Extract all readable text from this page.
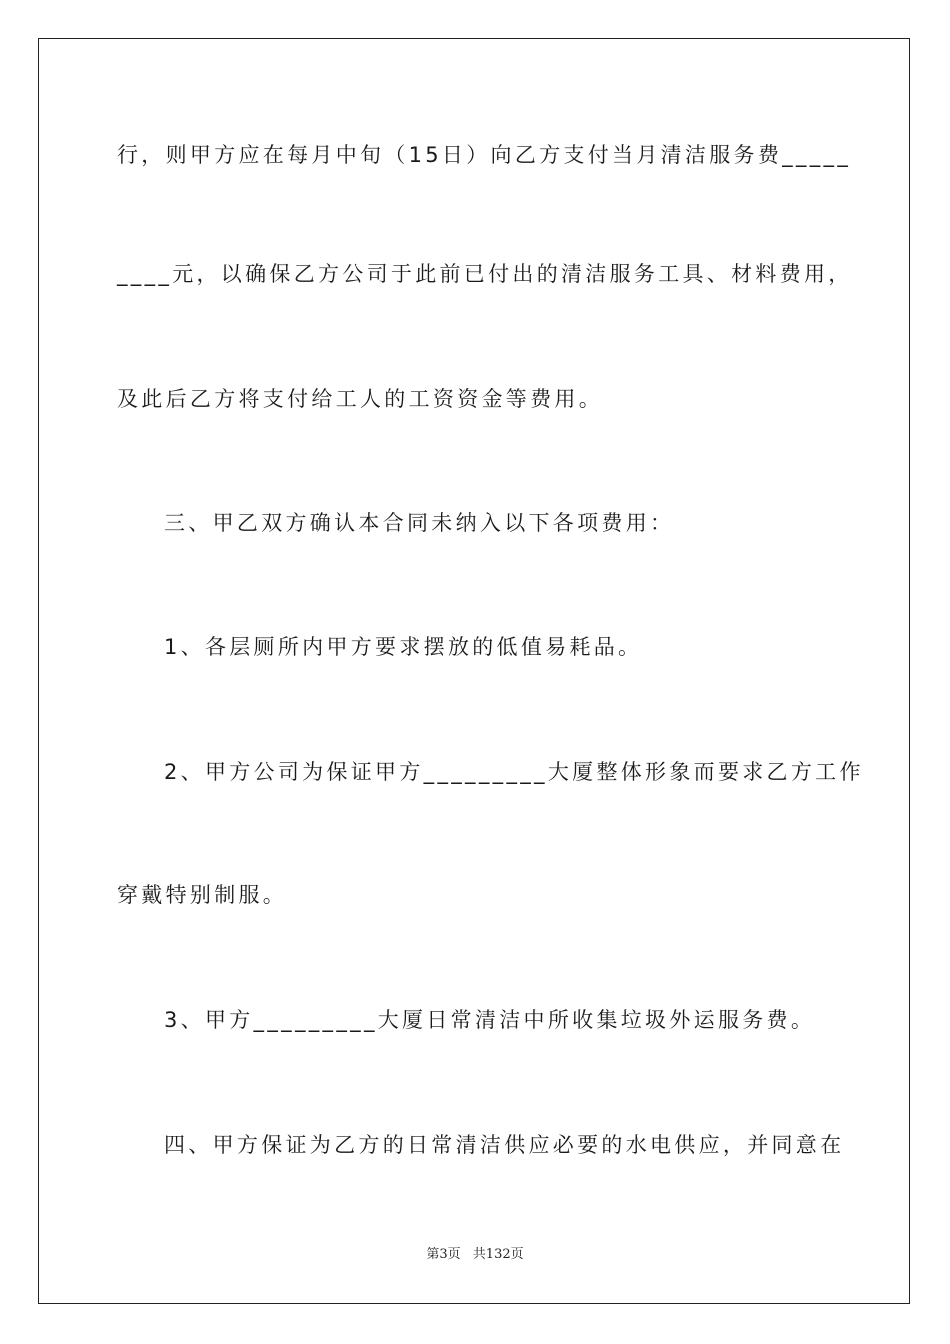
行，则甲方应在每月中旬（15日）向乙方支付当月清洁服务费_____
____元，以确保乙方公司于此前已付出的清洁服务工具、材料费用，
及此后乙方将支付给工人的工资资金等费用。
三、甲乙双方确认本合同未纳入以下各项费用：
1、各层厕所内甲方要求摆放的低值易耗品。
2、甲方公司为保证甲方_________大厦整体形象而要求乙方工作
穿戴特别制服。
3、甲方_________大厦日常清洁中所收集垃圾外运服务费。
四、甲方保证为乙方的日常清洁供应必要的水电供应，并同意在
第3页 共132页
